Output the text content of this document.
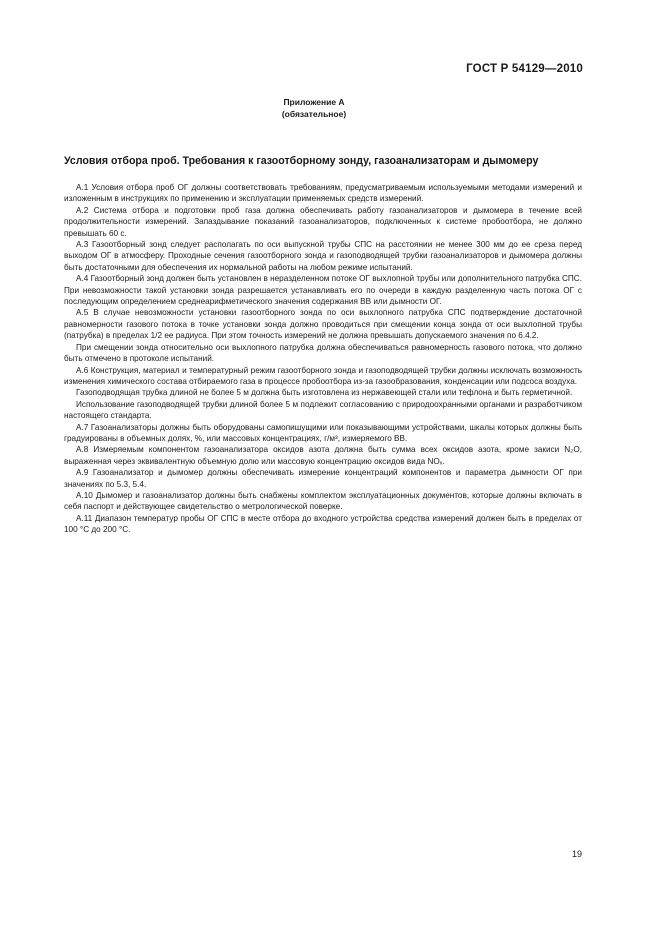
ГОСТ Р 54129—2010
Приложение А
(обязательное)
Условия отбора проб. Требования к газоотборному зонду, газоанализаторам и дымомеру

А.1 Условия отбора проб ОГ должны соответствовать требованиям, предусматриваемым используемыми методами измерений и изложенным в инструкциях по применению и эксплуатации применяемых средств измерений.

А.2 Система отбора и подготовки проб газа должна обеспечивать работу газоанализаторов и дымомера в течение всей продолжительности измерений. Запаздывание показаний газоанализаторов, подключенных к системе пробоотбора, не должно превышать 60 с.

А.3 Газоотборный зонд следует располагать по оси выпускной трубы СПС на расстоянии не менее 300 мм до ее среза перед выходом ОГ в атмосферу. Проходные сечения газоотборного зонда и газоподводящей трубки газоанализаторов и дымомера должны быть достаточными для обеспечения их нормальной работы на любом режиме испытаний.

А.4 Газоотборный зонд должен быть установлен в неразделенном потоке ОГ выхлопной трубы или дополнительного патрубка СПС. При невозможности такой установки зонда разрешается устанавливать его по очереди в каждую разделенную часть потока ОГ с последующим определением среднеарифметического значения содержания ВВ или дымности ОГ.

А.5 В случае невозможности установки газоотборного зонда по оси выхлопного патрубка СПС подтверждение достаточной равномерности газового потока в точке установки зонда должно проводиться при смещении конца зонда от оси выхлопной трубы (патрубка) в пределах 1/2 ее радиуса. При этом точность измерений не должна превышать допускаемого значения по 6.4.2.

При смещении зонда относительно оси выхлопного патрубка должна обеспечиваться равномерность газового потока, что должно быть отмечено в протоколе испытаний.

А.6 Конструкция, материал и температурный режим газоотборного зонда и газоподводящей трубки должны исключать возможность изменения химического состава отбираемого газа в процессе пробоотбора из-за газообразования, конденсации или подсоса воздуха.

Газоподводящая трубка длиной не более 5 м должна быть изготовлена из нержавеющей стали или тефлона и быть герметичной.

Использование газоподводящей трубки длиной более 5 м подлежит согласованию с природоохранными органами и разработчиком настоящего стандарта.

А.7 Газоанализаторы должны быть оборудованы самопишущими или показывающими устройствами, шкалы которых должны быть градуированы в объемных долях, %, или массовых концентрациях, г/м³, измеряемого ВВ.

А.8 Измеряемым компонентом газоанализатора оксидов азота должна быть сумма всех оксидов азота, кроме закиси N₂O, выраженная через эквивалентную объемную долю или массовую концентрацию оксидов вида NOₓ.

А.9 Газоанализатор и дымомер должны обеспечивать измерение концентраций компонентов и параметра дымности ОГ при значениях по 5.3, 5.4.

А.10 Дымомер и газоанализатор должны быть снабжены комплектом эксплуатационных документов, которые должны включать в себя паспорт и действующее свидетельство о метрологической поверке.

А.11 Диапазон температур пробы ОГ СПС в месте отбора до входного устройства средства измерений должен быть в пределах от 100 °С до 200 °С.

19
